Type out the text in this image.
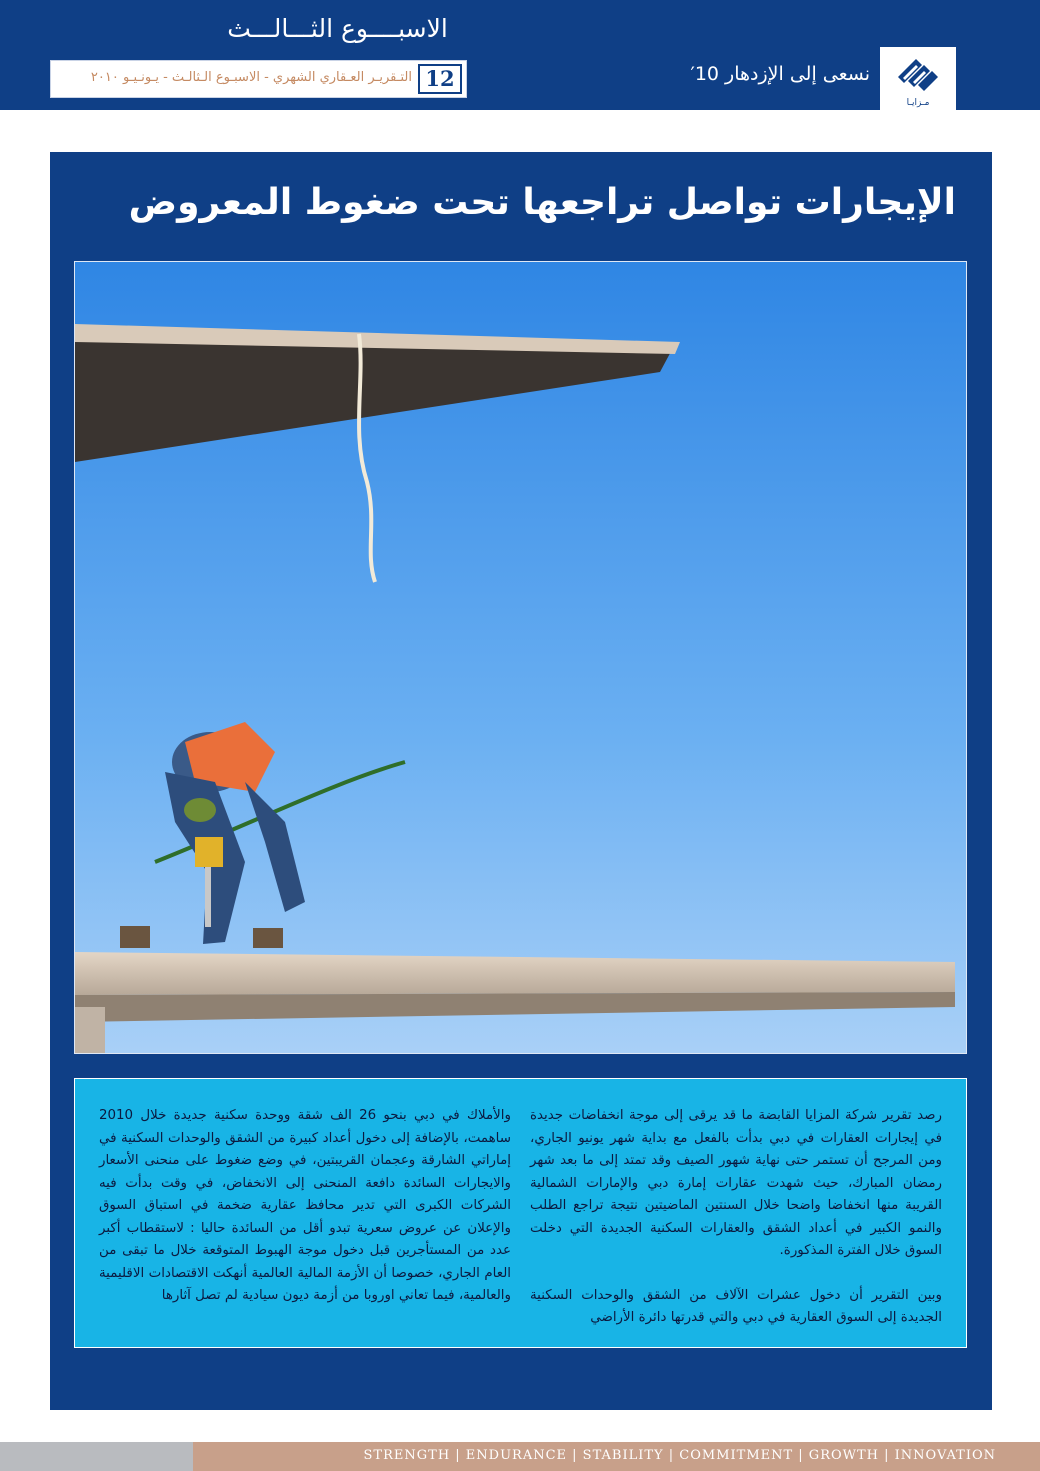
الاسبــــوع الثـــالـــث
12
التـقريـر العـقاري الشهري - الاسبـوع الـثالـث - يـونـيـو ٢٠١٠	نسعى إلى الإزدهار 10′
مـزايـا
الإيجارات تواصل تراجعها تحت ضغوط المعروض

رصد تقرير شركة المزايا القابضة ما قد يرقى إلى موجة انخفاضات جديدة في إيجارات العقارات في دبي بدأت بالفعل مع بداية شهر يونيو الجاري، ومن المرجح أن تستمر حتى نهاية شهور الصيف وقد تمتد إلى ما بعد شهر رمضان المبارك، حيث شهدت عقارات إمارة دبي والإمارات الشمالية القريبة منها انخفاضا واضحا خلال السنتين الماضيتين نتيجة تراجع الطلب والنمو الكبير في أعداد الشقق والعقارات السكنية الجديدة التي دخلت السوق خلال الفترة المذكورة.

وبين التقرير أن دخول عشرات الآلاف من الشقق والوحدات السكنية الجديدة إلى السوق العقارية في دبي والتي قدرتها دائرة الأراضي

والأملاك في دبي بنحو 26 الف شقة ووحدة سكنية جديدة خلال 2010 ساهمت، بالإضافة إلى دخول أعداد كبيرة من الشقق والوحدات السكنية في إماراتي الشارقة وعجمان القريبتين، في وضع ضغوط على منحنى الأسعار والايجارات السائدة دافعة المنحنى إلى الانخفاض، في وقت بدأت فيه الشركات الكبرى التي تدير محافظ عقارية ضخمة في استباق السوق والإعلان عن عروض سعرية تبدو أقل من السائدة حاليا : لاستقطاب أكبر عدد من المستأجرين قبل دخول موجة الهبوط المتوقعة خلال ما تبقى من العام الجاري، خصوصا أن الأزمة المالية العالمية أنهكت الاقتصادات الاقليمية والعالمية، فيما تعاني اوروبا من أزمة ديون سيادية لم تصل آثارها

STRENGTH | ENDURANCE | STABILITY | COMMITMENT | GROWTH | INNOVATION
